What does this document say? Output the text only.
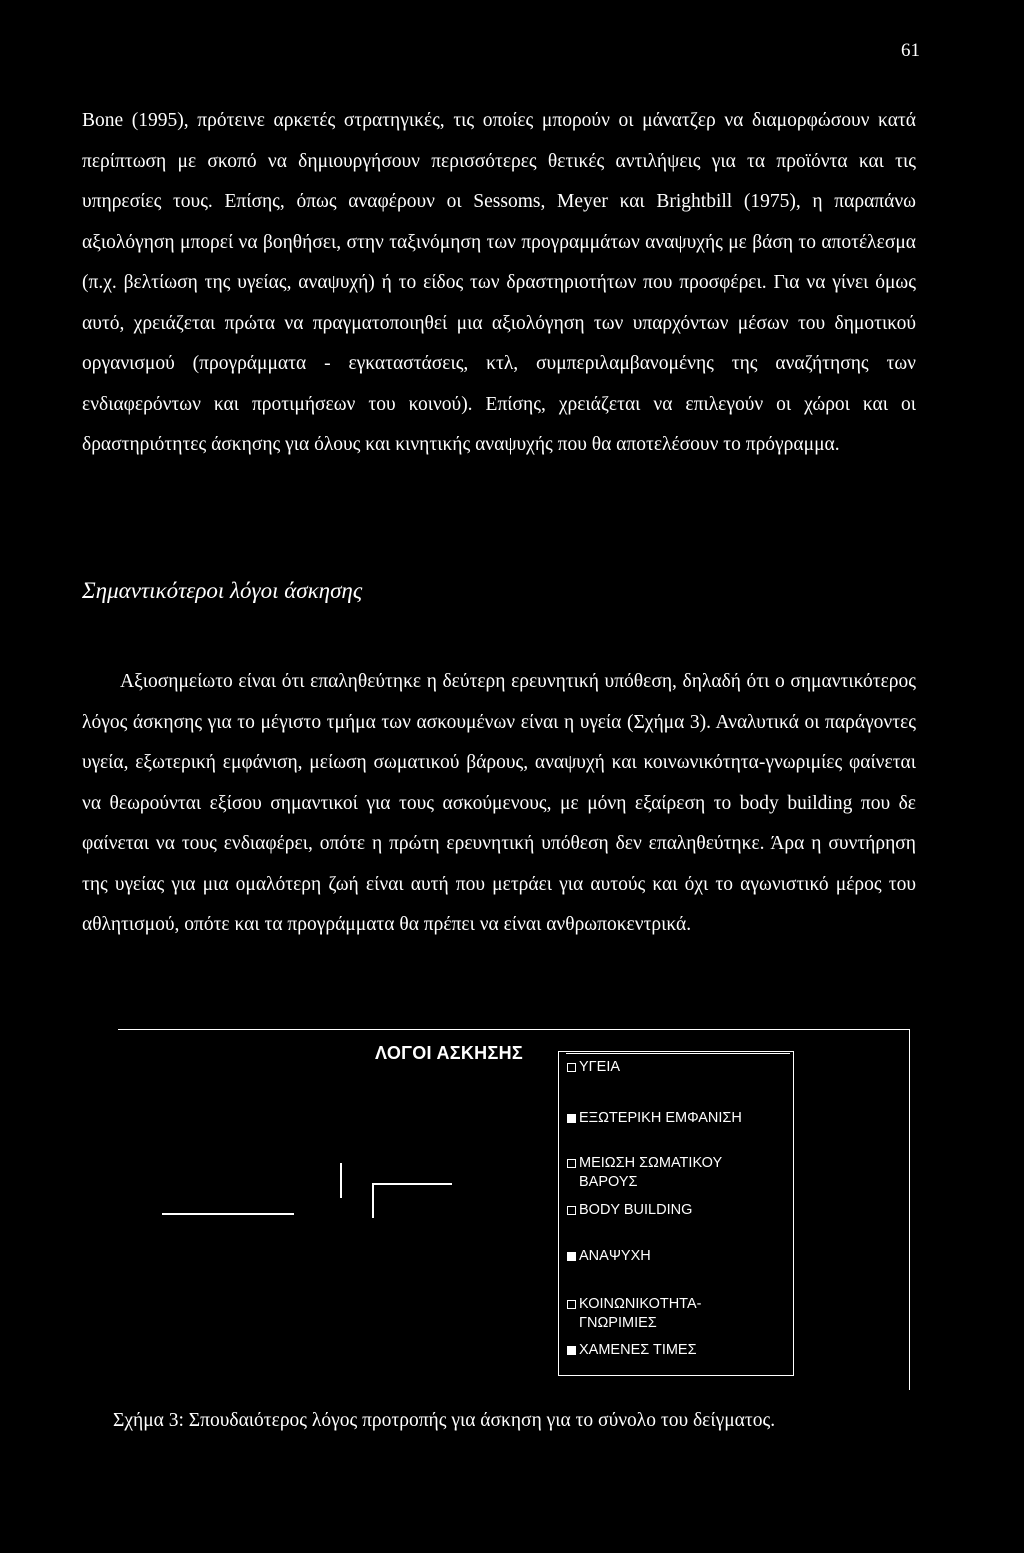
61

Bone (1995), πρότεινε αρκετές στρατηγικές, τις οποίες μπορούν οι μάνατζερ να διαμορφώσουν κατά περίπτωση με σκοπό να δημιουργήσουν περισσότερες θετικές αντιλήψεις για τα προϊόντα και τις υπηρεσίες τους. Επίσης, όπως αναφέρουν οι Sessoms, Meyer και Brightbill (1975), η παραπάνω αξιολόγηση μπορεί να βοηθήσει, στην ταξινόμηση των προγραμμάτων αναψυχής με βάση το αποτέλεσμα (π.χ. βελτίωση της υγείας, αναψυχή) ή το είδος των δραστηριοτήτων που προσφέρει. Για να γίνει όμως αυτό, χρειάζεται πρώτα να πραγματοποιηθεί μια αξιολόγηση των υπαρχόντων μέσων του δημοτικού οργανισμού (προγράμματα - εγκαταστάσεις, κτλ, συμπεριλαμβανομένης της αναζήτησης των ενδιαφερόντων και προτιμήσεων του κοινού). Επίσης, χρειάζεται να επιλεγούν οι χώροι και οι δραστηριότητες άσκησης για όλους και κινητικής αναψυχής που θα αποτελέσουν το πρόγραμμα.

Σημαντικότεροι λόγοι άσκησης

Αξιοσημείωτο είναι ότι επαληθεύτηκε η δεύτερη ερευνητική υπόθεση, δηλαδή ότι ο σημαντικότερος λόγος άσκησης για το μέγιστο τμήμα των ασκουμένων είναι η υγεία (Σχήμα 3). Αναλυτικά οι παράγοντες υγεία, εξωτερική εμφάνιση, μείωση σωματικού βάρους, αναψυχή και κοινωνικότητα-γνωριμίες φαίνεται να θεωρούνται εξίσου σημαντικοί για τους ασκούμενους, με μόνη εξαίρεση το body building που δε φαίνεται να τους ενδιαφέρει, οπότε η πρώτη ερευνητική υπόθεση δεν επαληθεύτηκε. Άρα η συντήρηση της υγείας για μια ομαλότερη ζωή είναι αυτή που μετράει για αυτούς και όχι το αγωνιστικό μέρος του αθλητισμού, οπότε και τα προγράμματα θα πρέπει να είναι ανθρωποκεντρικά.

ΛΟΓΟΙ ΑΣΚΗΣΗΣ
ΥΓΕΙΑ
ΕΞΩΤΕΡΙΚΗ ΕΜΦΑΝΙΣΗ
ΜΕΙΩΣΗ ΣΩΜΑΤΙΚΟΥ
ΒΑΡΟΥΣ
BODY BUILDING
ΑΝΑΨΥΧΗ
ΚΟΙΝΩΝΙΚΟΤΗΤΑ-
ΓΝΩΡΙΜΙΕΣ
ΧΑΜΕΝΕΣ ΤΙΜΕΣ

Σχήμα 3: Σπουδαιότερος λόγος προτροπής για άσκηση για το σύνολο του δείγματος.
